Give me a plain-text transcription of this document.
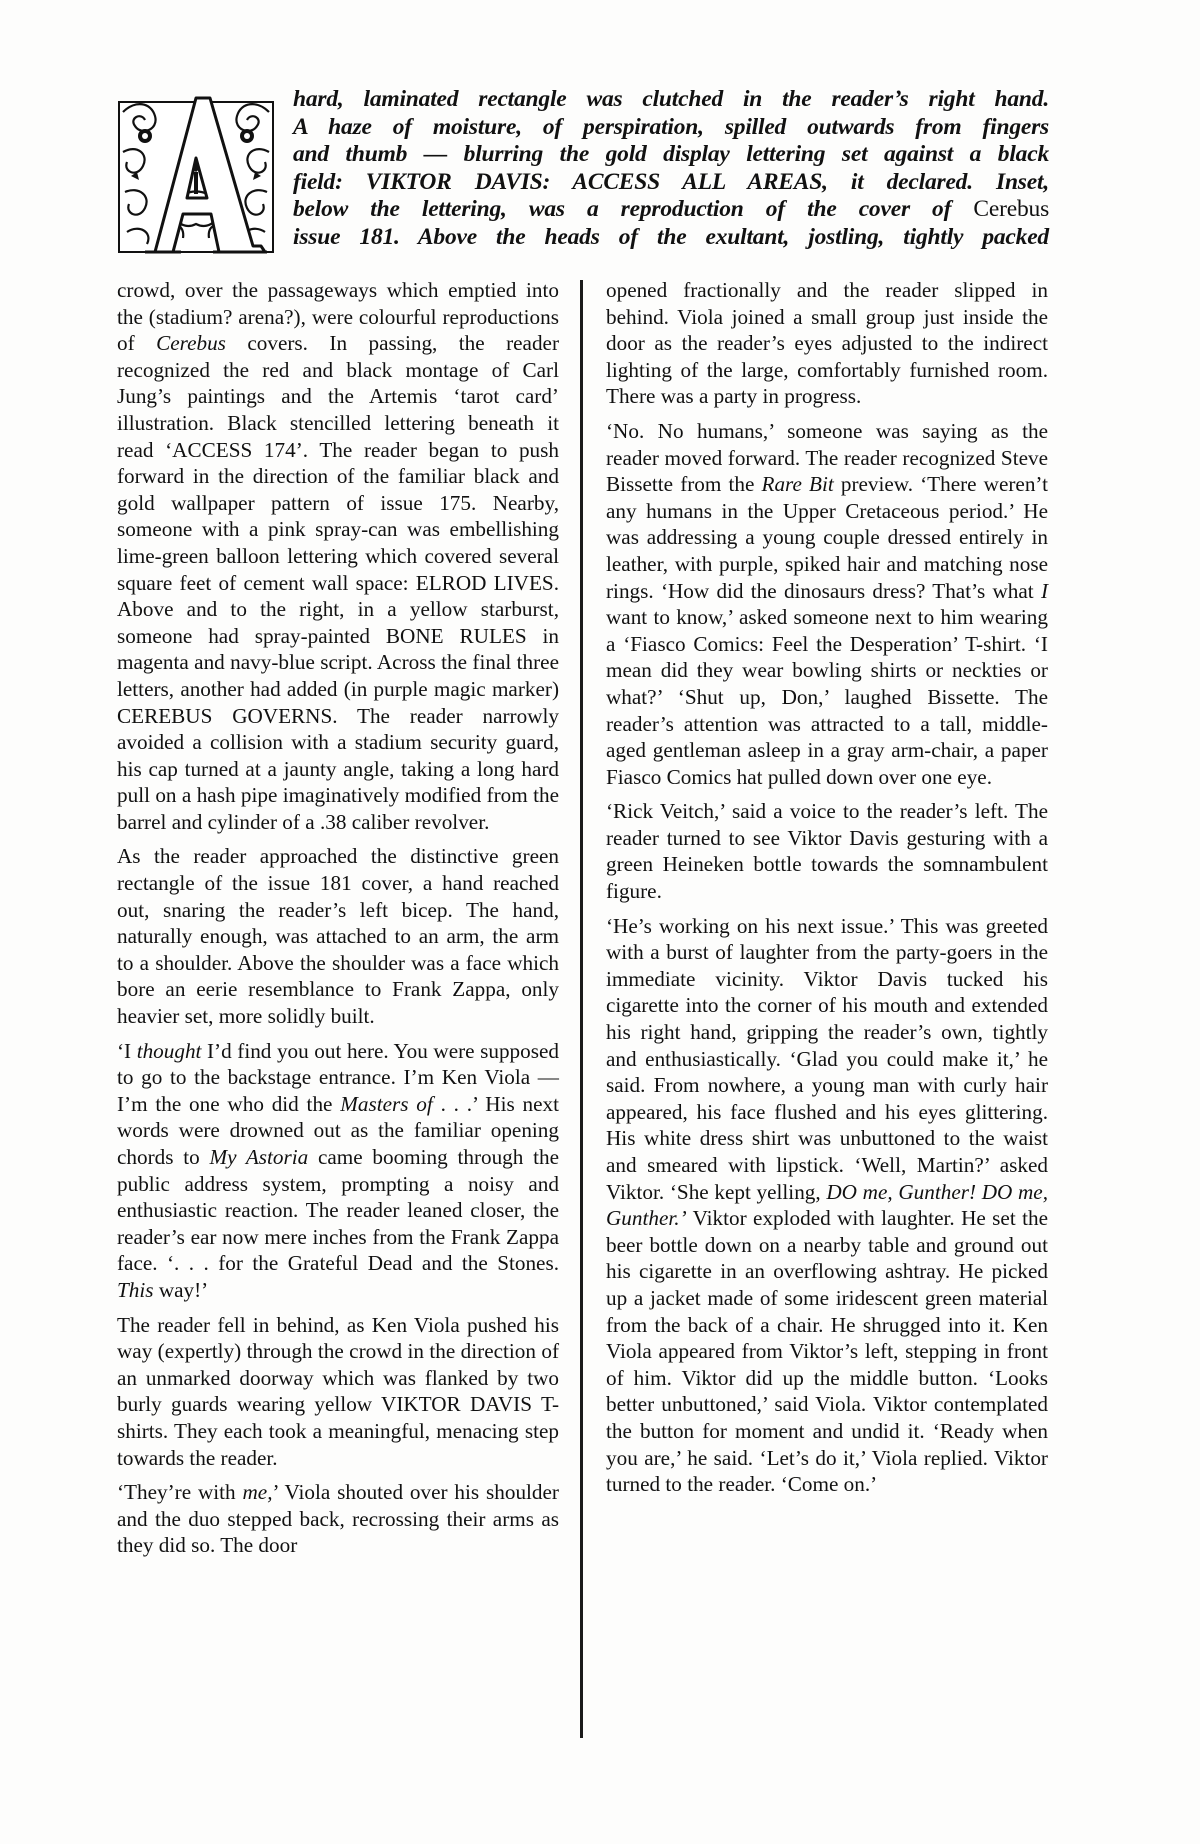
hard, laminated rectangle was clutched in the reader’s right hand.
A haze of moisture, of perspiration, spilled outwards from fingers
and thumb — blurring the gold display lettering set against a black
field: VIKTOR DAVIS: ACCESS ALL AREAS, it declared. Inset,
below the lettering, was a reproduction of the cover of Cerebus
issue 181. Above the heads of the exultant, jostling, tightly packed

crowd, over the passageways which emptied into the (stadium? arena?), were colourful reproductions of Cerebus covers. In passing, the reader recognized the red and black montage of Carl Jung’s paintings and the Artemis ‘tarot card’ illustration. Black stencilled lettering beneath it read ‘ACCESS 174’. The reader began to push forward in the direction of the familiar black and gold wallpaper pattern of issue 175. Nearby, someone with a pink spray-can was embellishing lime-green balloon lettering which covered several square feet of cement wall space: ELROD LIVES. Above and to the right, in a yellow starburst, someone had spray-painted BONE RULES in magenta and navy-blue script. Across the final three letters, another had added (in purple magic marker) CEREBUS GOVERNS. The reader narrowly avoided a collision with a stadium security guard, his cap turned at a jaunty angle, taking a long hard pull on a hash pipe imaginatively modified from the barrel and cylinder of a .38 caliber revolver.

As the reader approached the distinctive green rectangle of the issue 181 cover, a hand reached out, snaring the reader’s left bicep. The hand, naturally enough, was attached to an arm, the arm to a shoulder. Above the shoulder was a face which bore an eerie resemblance to Frank Zappa, only heavier set, more solidly built.

‘I thought I’d find you out here. You were supposed to go to the backstage entrance. I’m Ken Viola — I’m the one who did the Masters of . . .’ His next words were drowned out as the familiar opening chords to My Astoria came booming through the public address system, prompting a noisy and enthusiastic reaction. The reader leaned closer, the reader’s ear now mere inches from the Frank Zappa face. ‘. . . for the Grateful Dead and the Stones. This way!’

The reader fell in behind, as Ken Viola pushed his way (expertly) through the crowd in the direction of an unmarked doorway which was flanked by two burly guards wearing yellow VIKTOR DAVIS T-shirts. They each took a meaningful, menacing step towards the reader.

‘They’re with me,’ Viola shouted over his shoulder and the duo stepped back, recrossing their arms as they did so. The door

opened fractionally and the reader slipped in behind. Viola joined a small group just inside the door as the reader’s eyes adjusted to the indirect lighting of the large, comfortably furnished room. There was a party in progress.

‘No. No humans,’ someone was saying as the reader moved forward. The reader recognized Steve Bissette from the Rare Bit preview. ‘There weren’t any humans in the Upper Cretaceous period.’ He was addressing a young couple dressed entirely in leather, with purple, spiked hair and matching nose rings. ‘How did the dinosaurs dress? That’s what I want to know,’ asked someone next to him wearing a ‘Fiasco Comics: Feel the Desperation’ T-shirt. ‘I mean did they wear bowling shirts or neckties or what?’ ‘Shut up, Don,’ laughed Bissette. The reader’s attention was attracted to a tall, middle-aged gentleman asleep in a gray arm-chair, a paper Fiasco Comics hat pulled down over one eye.

‘Rick Veitch,’ said a voice to the reader’s left. The reader turned to see Viktor Davis gesturing with a green Heineken bottle towards the somnambulent figure.

‘He’s working on his next issue.’ This was greeted with a burst of laughter from the party-goers in the immediate vicinity. Viktor Davis tucked his cigarette into the corner of his mouth and extended his right hand, gripping the reader’s own, tightly and enthusiastically. ‘Glad you could make it,’ he said. From nowhere, a young man with curly hair appeared, his face flushed and his eyes glittering. His white dress shirt was unbuttoned to the waist and smeared with lipstick. ‘Well, Martin?’ asked Viktor. ‘She kept yelling, DO me, Gunther! DO me, Gunther.’ Viktor exploded with laughter. He set the beer bottle down on a nearby table and ground out his cigarette in an overflowing ashtray. He picked up a jacket made of some iridescent green material from the back of a chair. He shrugged into it. Ken Viola appeared from Viktor’s left, stepping in front of him. Viktor did up the middle button. ‘Looks better unbuttoned,’ said Viola. Viktor contemplated the button for moment and undid it. ‘Ready when you are,’ he said. ‘Let’s do it,’ Viola replied. Viktor turned to the reader. ‘Come on.’
